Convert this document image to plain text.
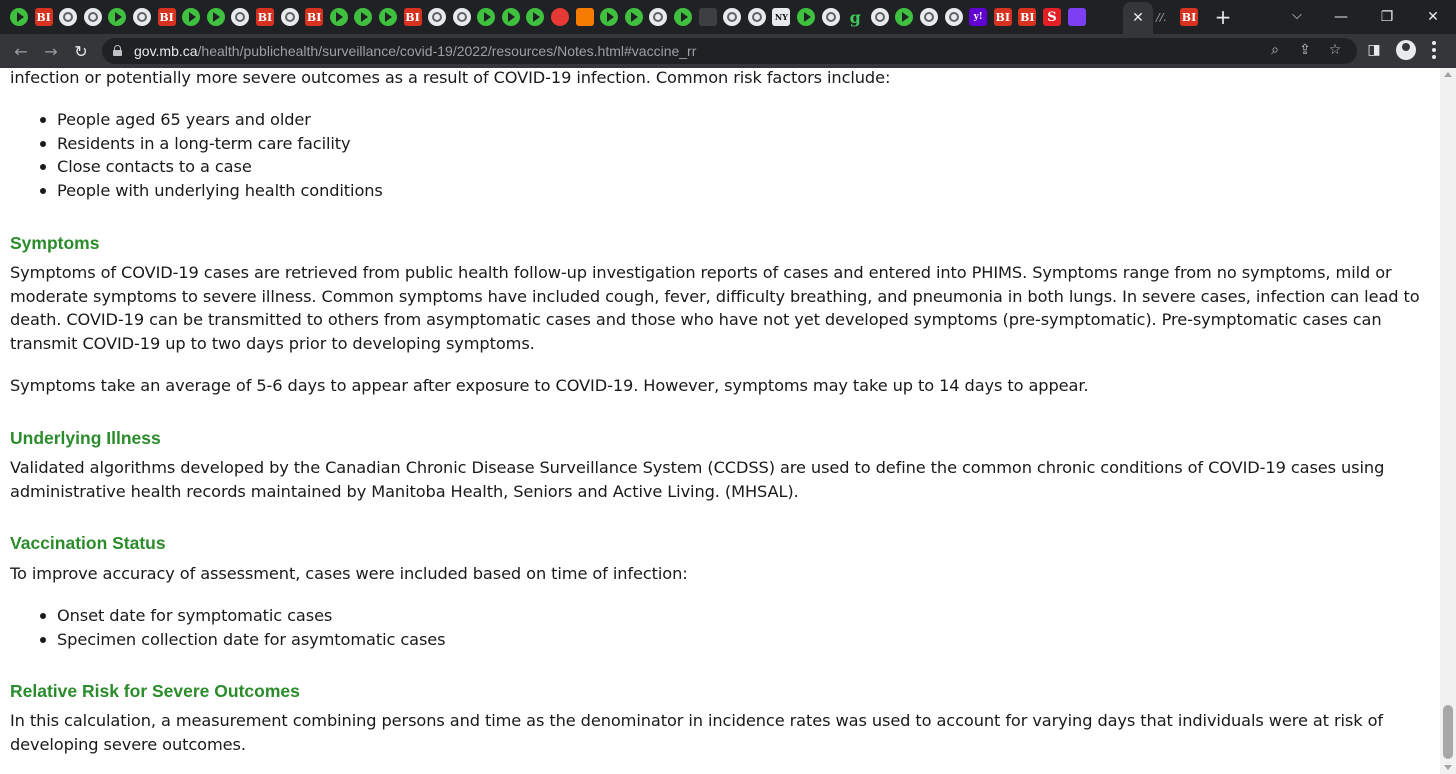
BI	BI	BI	BI	BI	NY	g	y!	BI BI S	✕ //.	BI +	⌵	—	❐	✕
←	→	↻	gov.mb.ca/health/publichealth/surveillance/covid-19/2022/resources/Notes.html#vaccine_rr	⌕	⇪ ☆ ◨

infection or potentially more severe outcomes as a result of COVID-19 infection. Common risk factors include:

People aged 65 years and older
Residents in a long-term care facility
Close contacts to a case
People with underlying health conditions
Symptoms

Symptoms of COVID-19 cases are retrieved from public health follow-up investigation reports of cases and entered into PHIMS. Symptoms range from no symptoms, mild or moderate symptoms to severe illness. Common symptoms have included cough, fever, difficulty breathing, and pneumonia in both lungs. In severe cases, infection can lead to death. COVID-19 can be transmitted to others from asymptomatic cases and those who have not yet developed symptoms (pre-symptomatic). Pre-symptomatic cases can transmit COVID-19 up to two days prior to developing symptoms.

Symptoms take an average of 5-6 days to appear after exposure to COVID-19. However, symptoms may take up to 14 days to appear.

Underlying Illness

Validated algorithms developed by the Canadian Chronic Disease Surveillance System (CCDSS) are used to define the common chronic conditions of COVID-19 cases using administrative health records maintained by Manitoba Health, Seniors and Active Living. (MHSAL).

Vaccination Status

To improve accuracy of assessment, cases were included based on time of infection:

Onset date for symptomatic cases
Specimen collection date for asymtomatic cases
Relative Risk for Severe Outcomes

In this calculation, a measurement combining persons and time as the denominator in incidence rates was used to account for varying days that individuals were at risk of developing severe outcomes.
